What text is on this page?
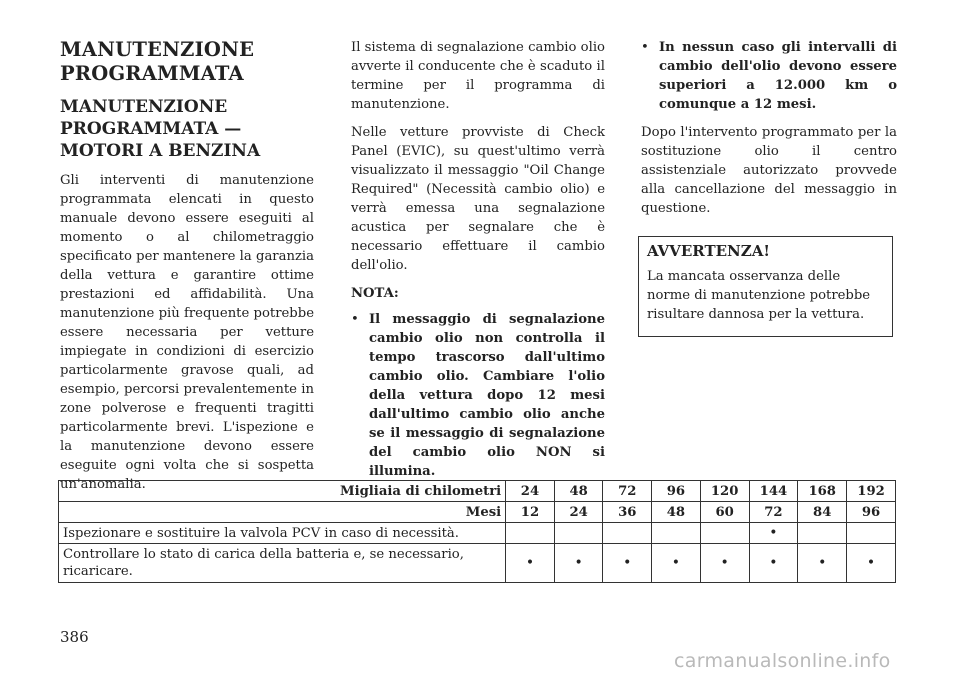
MANUTENZIONE PROGRAMMATA
MANUTENZIONE PROGRAMMATA — MOTORI A BENZINA

Gli interventi di manutenzione programmata elencati in questo manuale devono essere eseguiti al momento o al chilometraggio specificato per mantenere la garanzia della vettura e garantire ottime prestazioni ed affidabilità. Una manutenzione più frequente potrebbe essere necessaria per vetture impiegate in condizioni di esercizio particolarmente gravose quali, ad esempio, percorsi prevalentemente in zone polverose e frequenti tragitti particolarmente brevi. L'ispezione e la manutenzione devono essere eseguite ogni volta che si sospetta un'anomalia.

Il sistema di segnalazione cambio olio avverte il conducente che è scaduto il termine per il programma di manutenzione.

Nelle vetture provviste di Check Panel (EVIC), su quest'ultimo verrà visualizzato il messaggio "Oil Change Required" (Necessità cambio olio) e verrà emessa una segnalazione acustica per segnalare che è necessario effettuare il cambio dell'olio.

NOTA:
• Il messaggio di segnalazione cambio olio non controlla il tempo trascorso dall'ultimo cambio olio. Cambiare l'olio della vettura dopo 12 mesi dall'ultimo cambio olio anche se il messaggio di segnalazione del cambio olio NON si illumina.
• In nessun caso gli intervalli di cambio dell'olio devono essere superiori a 12.000 km o comunque a 12 mesi.

Dopo l'intervento programmato per la sostituzione olio il centro assistenziale autorizzato provvede alla cancellazione del messaggio in questione.

AVVERTENZA!

La mancata osservanza delle norme di manutenzione potrebbe risultare dannosa per la vettura.

Migliaia di chilometri	24	48	72	96	120	144	168	192
Mesi	12	24	36	48	60	72	84	96
Ispezionare e sostituire la valvola PCV in caso di necessità.						•		
Controllare lo stato di carica della batteria e, se necessario, ricaricare.	•	•	•	•	•	•	•	•
386
carmanualsonline.info
